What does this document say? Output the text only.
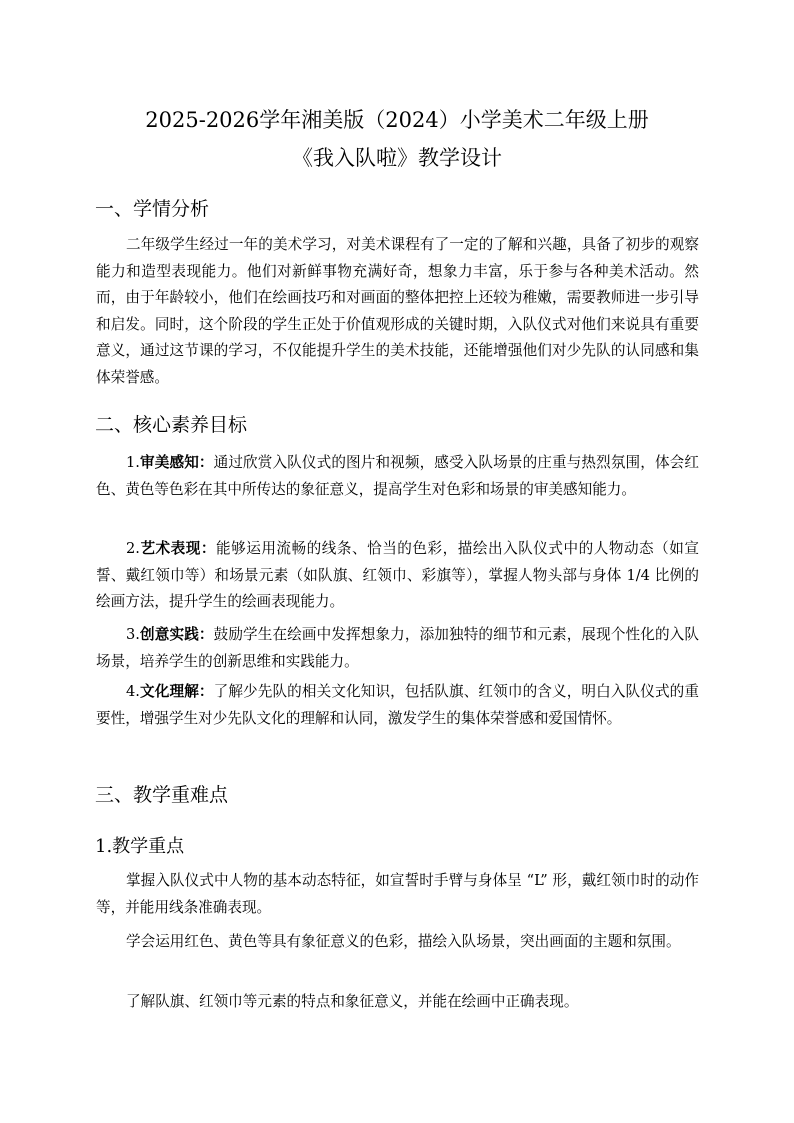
2025-2026学年湘美版（2024）小学美术二年级上册
《我入队啦》教学设计
一、学情分析

二年级学生经过一年的美术学习，对美术课程有了一定的了解和兴趣，具备了初步的观察能力和造型表现能力。他们对新鲜事物充满好奇，想象力丰富，乐于参与各种美术活动。然而，由于年龄较小，他们在绘画技巧和对画面的整体把控上还较为稚嫩，需要教师进一步引导和启发。同时，这个阶段的学生正处于价值观形成的关键时期，入队仪式对他们来说具有重要意义，通过这节课的学习，不仅能提升学生的美术技能，还能增强他们对少先队的认同感和集体荣誉感。

二、核心素养目标

1.审美感知：通过欣赏入队仪式的图片和视频，感受入队场景的庄重与热烈氛围，体会红色、黄色等色彩在其中所传达的象征意义，提高学生对色彩和场景的审美感知能力。

2.艺术表现：能够运用流畅的线条、恰当的色彩，描绘出入队仪式中的人物动态（如宣誓、戴红领巾等）和场景元素（如队旗、红领巾、彩旗等），掌握人物头部与身体 1/4 比例的绘画方法，提升学生的绘画表现能力。

3.创意实践：鼓励学生在绘画中发挥想象力，添加独特的细节和元素，展现个性化的入队场景，培养学生的创新思维和实践能力。

4.文化理解：了解少先队的相关文化知识，包括队旗、红领巾的含义，明白入队仪式的重要性，增强学生对少先队文化的理解和认同，激发学生的集体荣誉感和爱国情怀。

三、教学重难点
1.教学重点

掌握入队仪式中人物的基本动态特征，如宣誓时手臂与身体呈 “L” 形，戴红领巾时的动作等，并能用线条准确表现。

学会运用红色、黄色等具有象征意义的色彩，描绘入队场景，突出画面的主题和氛围。

了解队旗、红领巾等元素的特点和象征意义，并能在绘画中正确表现。
